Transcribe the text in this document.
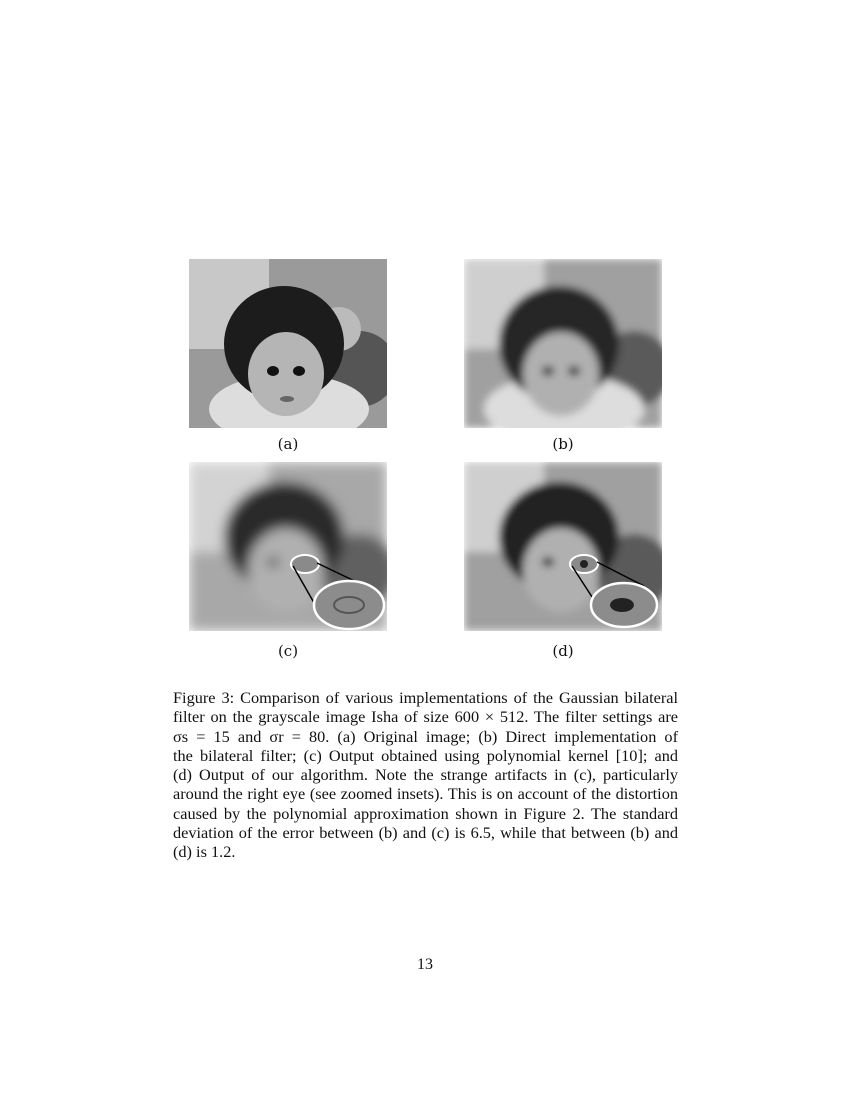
(a)	(b)
(c)	(d)
Figure 3: Comparison of various implementations of the Gaussian bilateral
filter on the grayscale image Isha of size 600 × 512. The filter settings are
σs = 15 and σr = 80. (a) Original image; (b) Direct implementation of
the bilateral filter; (c) Output obtained using polynomial kernel [10]; and
(d) Output of our algorithm. Note the strange artifacts in (c), particularly
around the right eye (see zoomed insets). This is on account of the distortion
caused by the polynomial approximation shown in Figure 2. The standard
deviation of the error between (b) and (c) is 6.5, while that between (b) and
(d) is 1.2.
13
